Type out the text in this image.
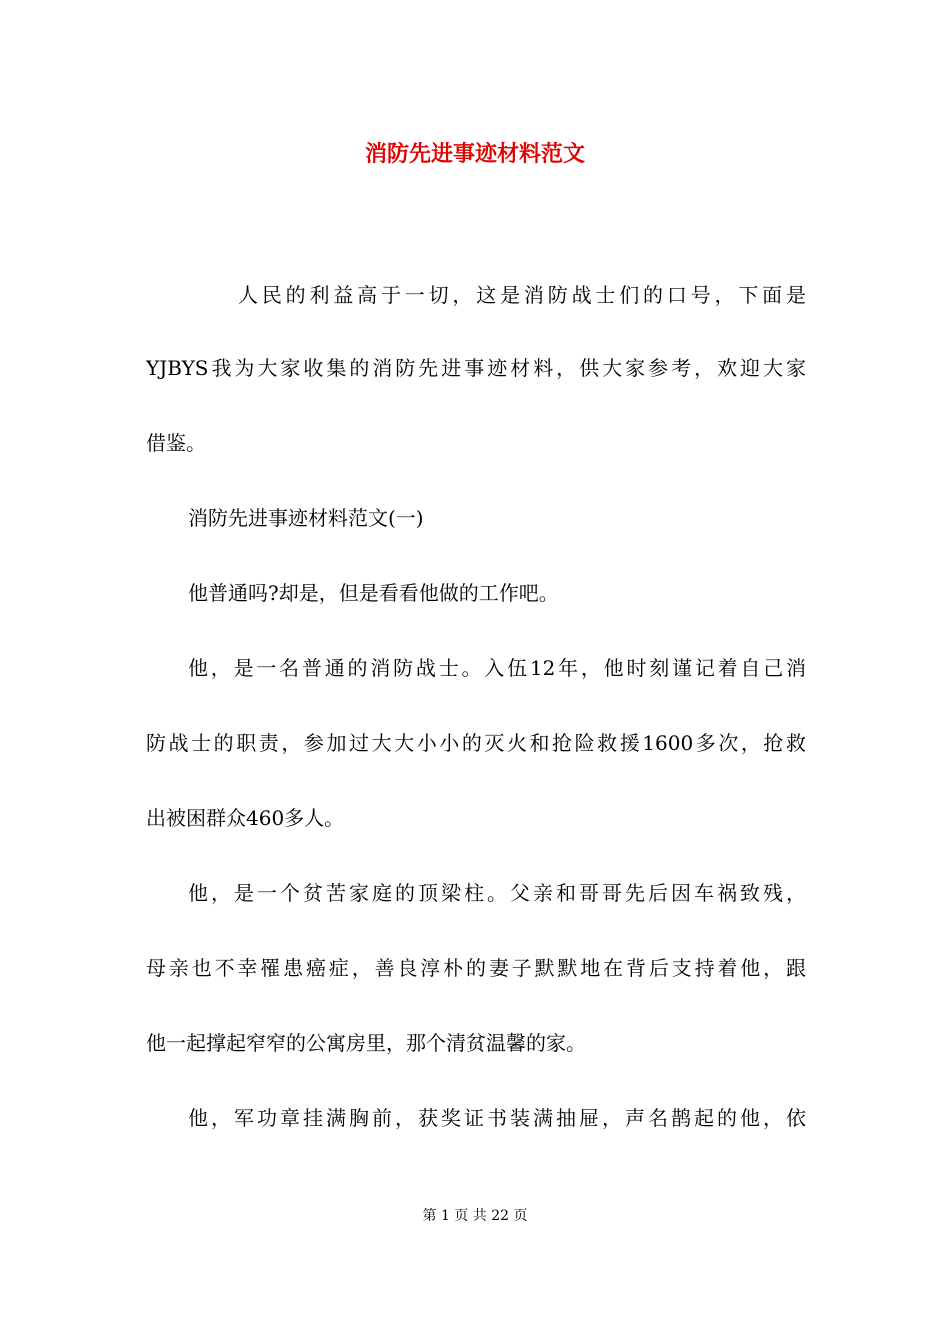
消防先进事迹材料范文
人民的利益高于一切，这是消防战士们的口号，下面是
YJBYS我为大家收集的消防先进事迹材料，供大家参考，欢迎大家
借鉴。
消防先进事迹材料范文(一)
他普通吗?却是，但是看看他做的工作吧。
他，是一名普通的消防战士。入伍12年，他时刻谨记着自己消
防战士的职责，参加过大大小小的灭火和抢险救援1600多次，抢救
出被困群众460多人。
他，是一个贫苦家庭的顶梁柱。父亲和哥哥先后因车祸致残，
母亲也不幸罹患癌症，善良淳朴的妻子默默地在背后支持着他，跟
他一起撑起窄窄的公寓房里，那个清贫温馨的家。
他，军功章挂满胸前，获奖证书装满抽屉，声名鹊起的他，依
第 1 页 共 22 页
